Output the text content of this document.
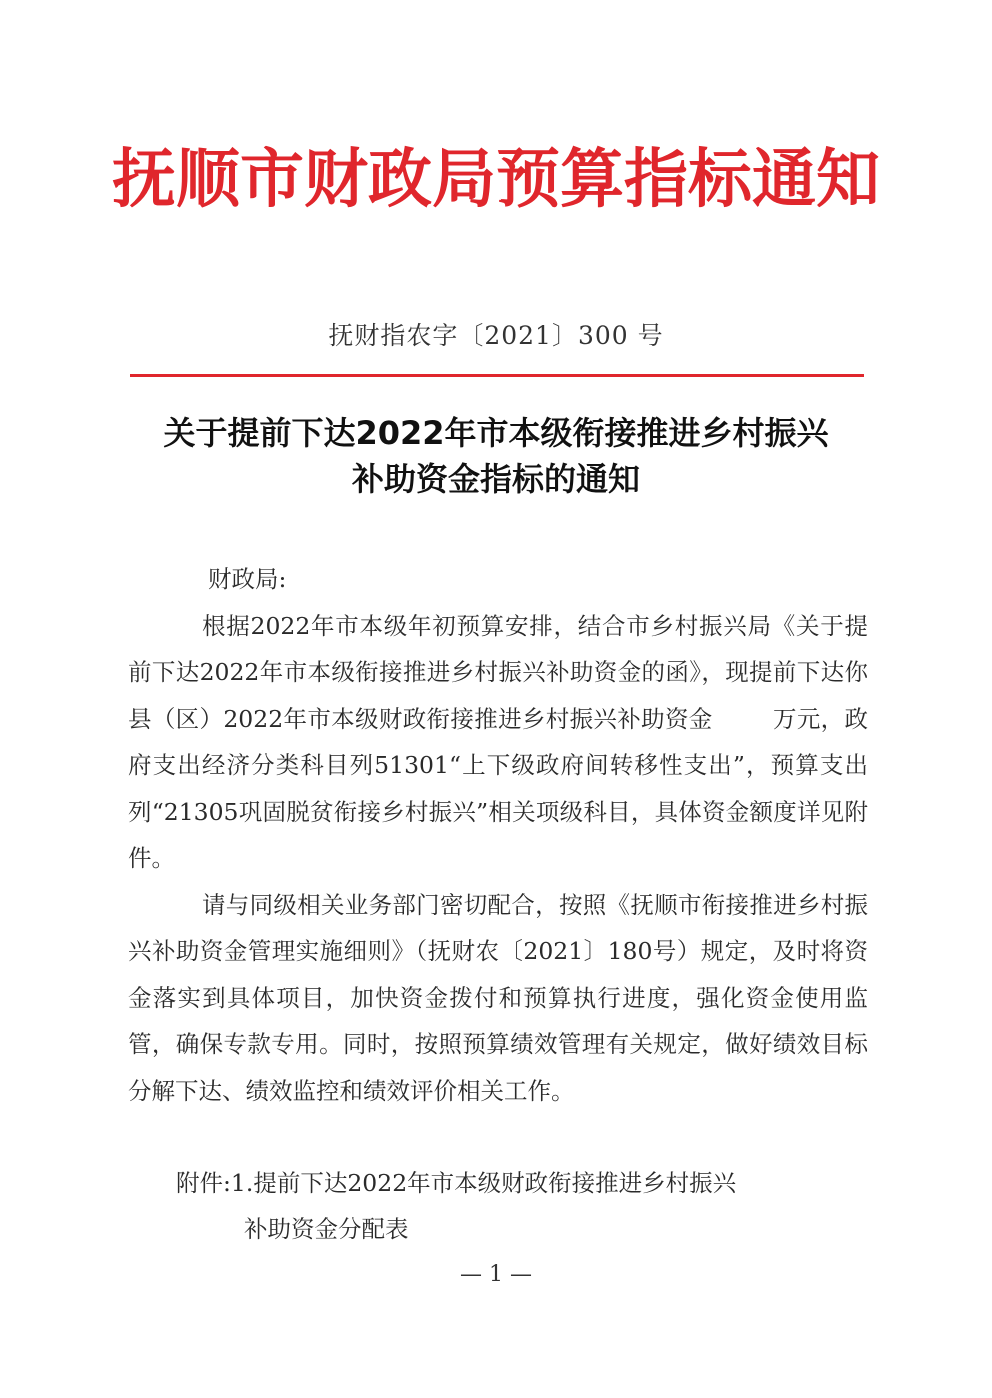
抚顺市财政局预算指标通知
抚财指农字〔2021〕300 号
关于提前下达2022年市本级衔接推进乡村振兴
补助资金指标的通知

财政局:

根据2022年市本级年初预算安排，结合市乡村振兴局《关于提前下达2022年市本级衔接推进乡村振兴补助资金的函》，现提前下达你县（区）2022年市本级财政衔接推进乡村振兴补助资金	万元，政府支出经济分类科目列51301“上下级政府间转移性支出”，预算支出列“21305巩固脱贫衔接乡村振兴”相关项级科目，具体资金额度详见附件。

请与同级相关业务部门密切配合，按照《抚顺市衔接推进乡村振兴补助资金管理实施细则》（抚财农〔2021〕180号）规定，及时将资金落实到具体项目，加快资金拨付和预算执行进度，强化资金使用监管，确保专款专用。同时，按照预算绩效管理有关规定，做好绩效目标分解下达、绩效监控和绩效评价相关工作。

附件:1.提前下达2022年市本级财政衔接推进乡村振兴
补助资金分配表
— 1 —
